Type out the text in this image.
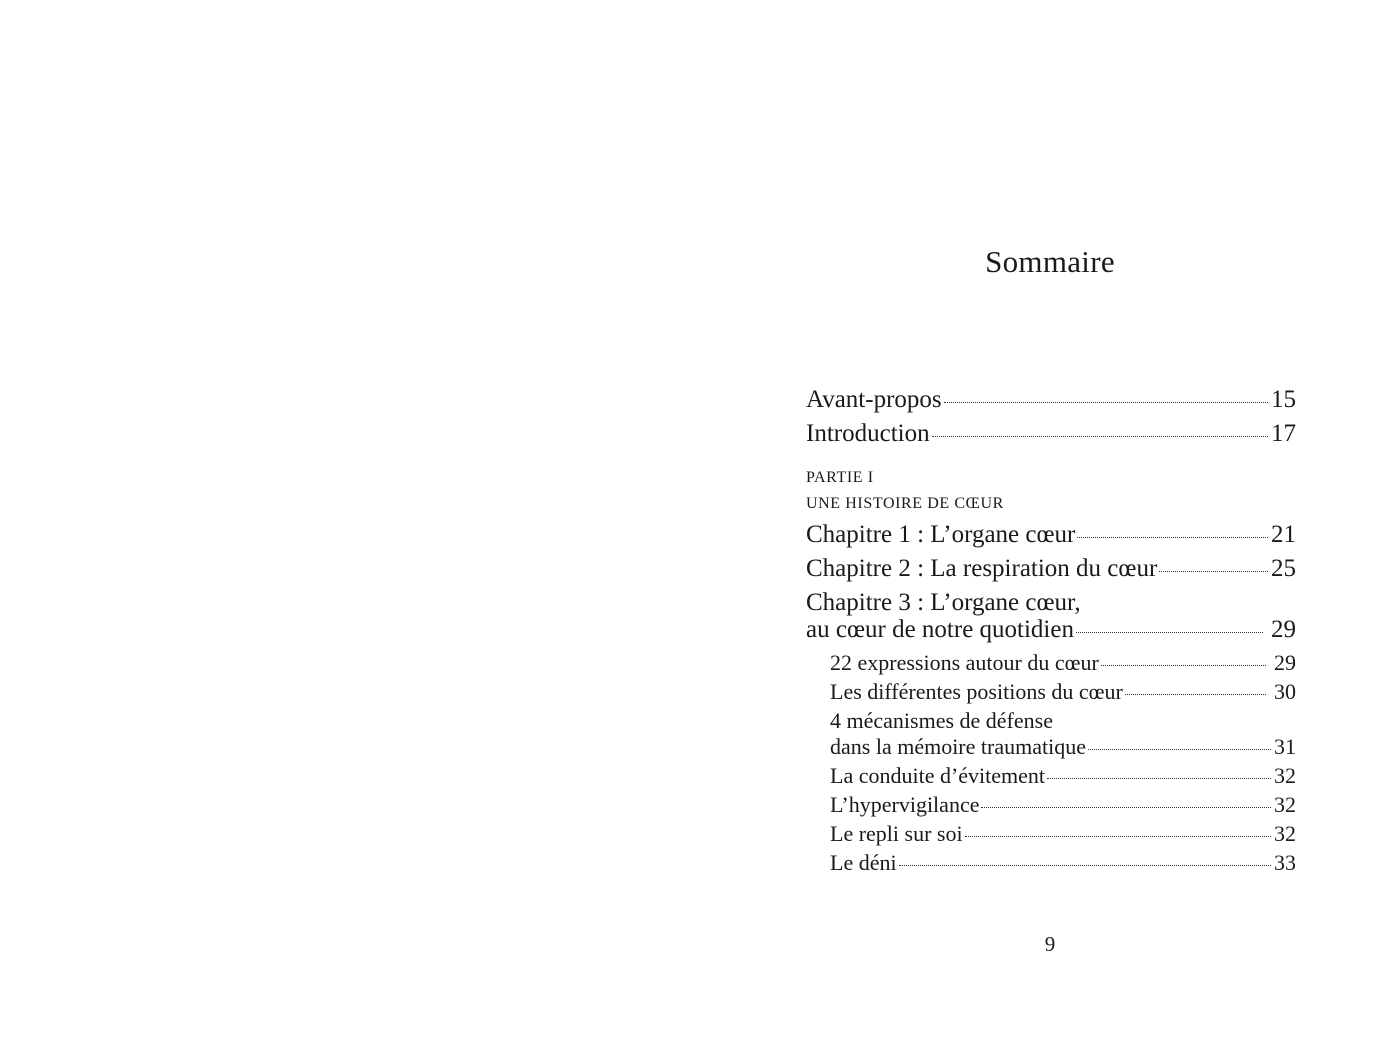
Sommaire
Avant-propos	15
Introduction	17
PARTIE I
UNE HISTOIRE DE CŒUR
Chapitre 1 : L’organe cœur	21
Chapitre 2 : La respiration du cœur	25
Chapitre 3 : L’organe cœur,
au cœur de notre quotidien	29
22 expressions autour du cœur	29
Les différentes positions du cœur	30
4 mécanismes de défense
dans la mémoire traumatique	31
La conduite d’évitement	32
L’hypervigilance	32
Le repli sur soi	32
Le déni	33
9
